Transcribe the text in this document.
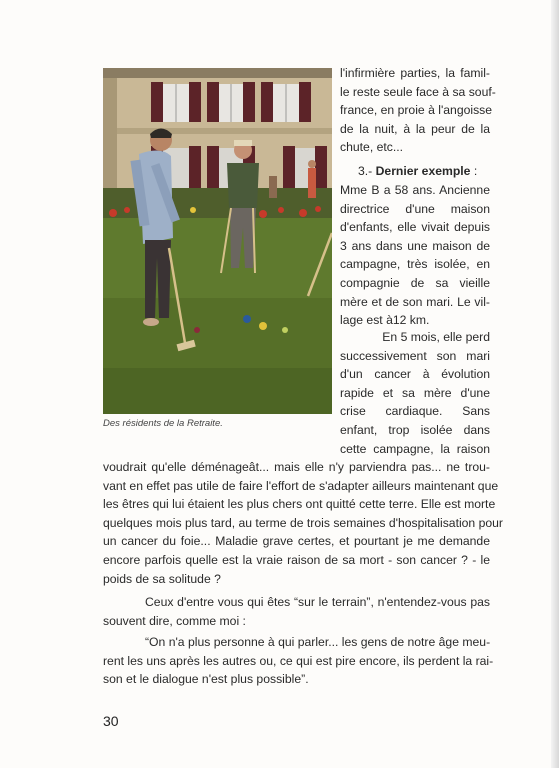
Des résidents de la Retraite.
l'infirmière parties, la famil-
le reste seule face à sa souf-
france, en proie à l'angoisse
de la nuit, à la peur de la
chute, etc...
3.- Dernier exemple :
Mme B a 58 ans. Ancienne
directrice d'une maison
d'enfants, elle vivait depuis
3 ans dans une maison de
campagne, très isolée, en
compagnie de sa vieille
mère et de son mari. Le vil-
lage est à12 km.
En 5 mois, elle perd
successivement son mari
d'un cancer à évolution
rapide et sa mère d'une
crise cardiaque. Sans
enfant, trop isolée dans
cette campagne, la raison
voudrait qu'elle déménageât... mais elle n'y parviendra pas... ne trou-
vant en effet pas utile de faire l'effort de s'adapter ailleurs maintenant que
les êtres qui lui étaient les plus chers ont quitté cette terre. Elle est morte
quelques mois plus tard, au terme de trois semaines d'hospitalisation pour
un cancer du foie... Maladie grave certes, et pourtant je me demande
encore parfois quelle est la vraie raison de sa mort - son cancer ? - le
poids de sa solitude ?
Ceux d'entre vous qui êtes “sur le terrain”, n'entendez-vous pas
souvent dire, comme moi :
“On n'a plus personne à qui parler... les gens de notre âge meu-
rent les uns après les autres ou, ce qui est pire encore, ils perdent la rai-
son et le dialogue n'est plus possible”.
30
